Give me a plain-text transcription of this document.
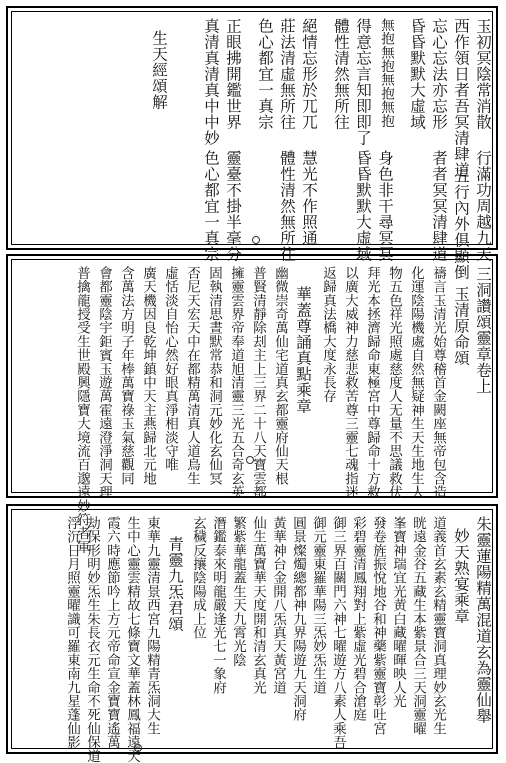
玉初冥陰常消散
行滿功周越九天
西作領日者吾冥清肆道
五行內外俱顯倒
忘心忘法亦忘形
者者冥冥清肆道
昏昏默默大虛域
無抱無抱無抱無抱
身色非干尋冥冥
得意忘言知即即了
昏昏默默大虛域
體性清然無所往
絕情忘形於兀兀
慧光不作照通
莊法清虛無所往
體性清然無所往
色心都宜一真宗
正眼拂開鑑世界
靈臺不掛半毫分
真清真清真中中妙
色心都宜一真宗
生天經頌解
三洞讚頌靈章卷上
玉清原命頌
禱言玉清光始尊稽首金闕座無帝包含造
化運陰陽機處自然無疑神生天生地生人
物五色祥光照處慈度人无量不思議救伏
拜光本拯濟歸命東極宮中尊歸命十方救
以廣大威神力慈悲救苦尊三靈七魂指迷
返歸真法橋大度永長存
華蓋尊誦真點乘章
幽微崇奇萬仙宅道真玄都靈府仙天根
普賢清靜除刦主上三界二十八天寶雲都
擁靈雲界帝奉道旭清靈三光五合奇玄英
固執清思晝默常恭和洞元妙化玄仙冥
否尼天宏天中在都精萬清真人道鳥生
虛恬淡自怡心然好眼真淨相淡守唯
廣天機因良乾坤鎮中天主燕歸北元地
含萬法方明子年棒萬寶祿玉氣慈觀同
會都靈陰宇鉅賓玉遊萬霍遠澄淨洞天理
普擒龍授受生世殿興隱寶大境流百邈遠妙符者軍
朱靈蓮陽精萬混道玄為靈仙舉
妙天熟宴乘章
道義首玄素玄精靈寶洞真理妙玄光生
晄遠金谷五藏生本紫景合三天洞靈曜
峯寶神瑞宜光黄白藏曜暉映人光
發卷旌振悅地谷和神藥紫靈寶彰吐宮
彩碧靈清鳳翔對上紫虛光碧合滄庭
御三界百關門六神七曜遊方八素人乘吾
御元靈東羅華陽三炁妙炁生道
圓景燦燭總都神九界陽遊九天洞府
黃華神台金開八炁真天黃宮道
仙生萬寶華天度開和清玄真光
繁紫華龍蓋生天九霄光陰
潛鑑泰來明龍嚴逢光七一象府
玄穢反攘陰陽成上位
青靈九炁君頌
東華九靈清景西宮九陽精青炁洞大生
生中心靈雲精故七條寶文華蓋林鳳福遠天
霞六時應節吟上方元帝命宣金寶寶遙萬
劫保形明妙炁生朱長衣元生命不死仙保道
浮沉日月照靈曜識可羅東南九星蓬仙影
